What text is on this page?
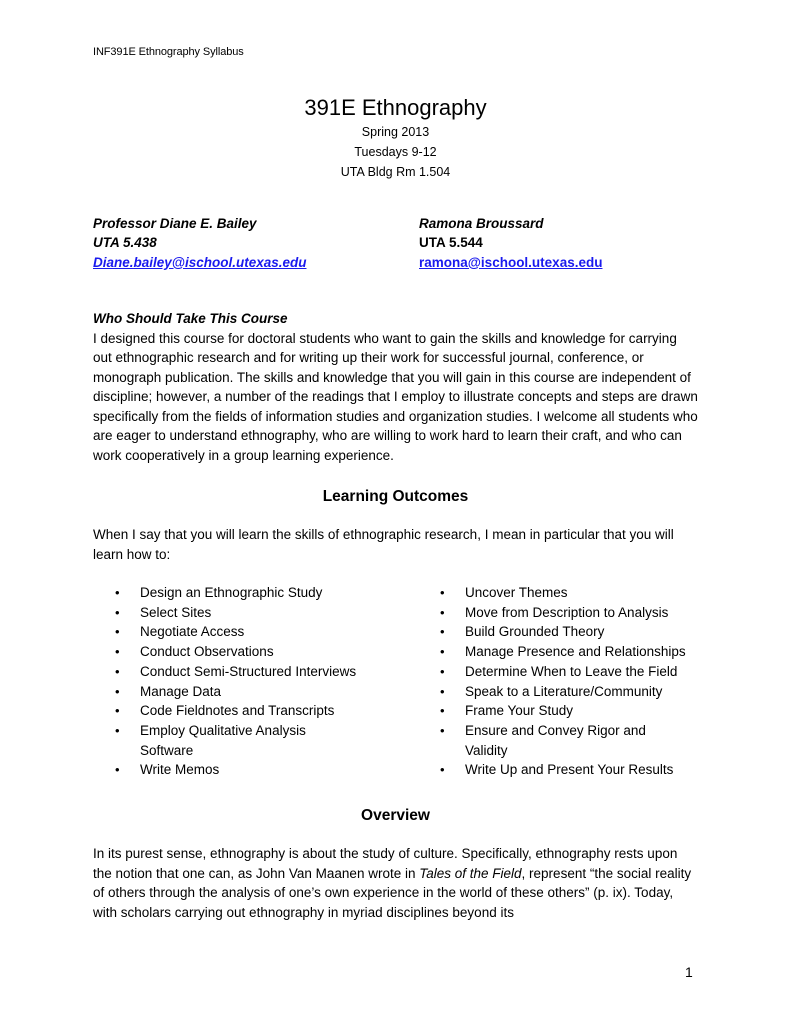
INF391E Ethnography Syllabus
391E Ethnography
Spring 2013
Tuesdays 9-12
UTA Bldg Rm 1.504
Professor Diane E. Bailey
UTA 5.438
Diane.bailey@ischool.utexas.edu
Ramona Broussard
UTA 5.544
ramona@ischool.utexas.edu

Who Should Take This Course

I designed this course for doctoral students who want to gain the skills and knowledge for carrying out ethnographic research and for writing up their work for successful journal, conference, or monograph publication. The skills and knowledge that you will gain in this course are independent of discipline; however, a number of the readings that I employ to illustrate concepts and steps are drawn specifically from the fields of information studies and organization studies. I welcome all students who are eager to understand ethnography, who are willing to work hard to learn their craft, and who can work cooperatively in a group learning experience.

Learning Outcomes

When I say that you will learn the skills of ethnographic research, I mean in particular that you will learn how to:

• Design an Ethnographic Study
• Select Sites
• Negotiate Access
• Conduct Observations
• Conduct Semi-Structured Interviews
• Manage Data
• Code Fieldnotes and Transcripts
• Employ Qualitative Analysis Software
• Write Memos
• Uncover Themes
• Move from Description to Analysis
• Build Grounded Theory
• Manage Presence and Relationships
• Determine When to Leave the Field
• Speak to a Literature/Community
• Frame Your Study
• Ensure and Convey Rigor and Validity
• Write Up and Present Your Results
Overview

In its purest sense, ethnography is about the study of culture. Specifically, ethnography rests upon the notion that one can, as John Van Maanen wrote in Tales of the Field, represent “the social reality of others through the analysis of one’s own experience in the world of these others” (p. ix). Today, with scholars carrying out ethnography in myriad disciplines beyond its

1
